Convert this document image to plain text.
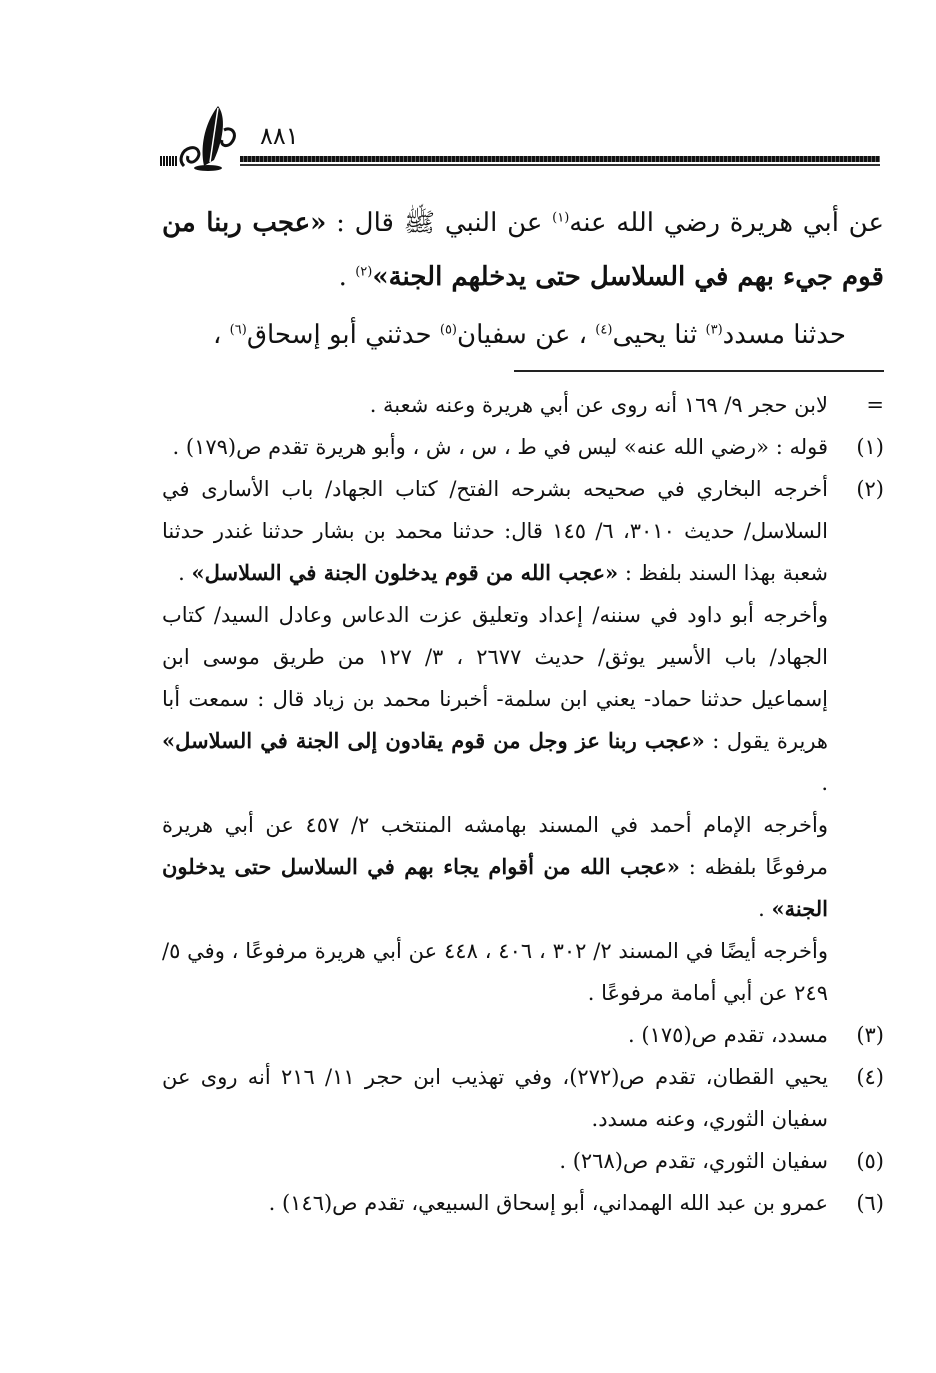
٨٨١

عن أبي هريرة رضي الله عنه$^{(١)}$ عن النبي ﷺ قال : «عجب ربنا من قوم جيء بهم في السلاسل حتى يدخلهم الجنة»$^{(٢)}$ .

حدثنا مسدد$^{(٣)}$ ثنا يحيى$^{(٤)}$ ، عن سفيان$^{(٥)}$ حدثني أبو إسحاق$^{(٦)}$ ،

=
لابن حجر ٩/ ١٦٩ أنه روى عن أبي هريرة وعنه شعبة .
(١)
قوله : «رضي الله عنه» ليس في ط ، س ، ش ، وأبو هريرة تقدم ص(١٧٩) .
(٢)
أخرجه البخاري في صحيحه بشرحه الفتح/ كتاب الجهاد/ باب الأسارى في السلاسل/ حديث ٣٠١٠، ٦/ ١٤٥ قال: حدثنا محمد بن بشار حدثنا غندر حدثنا شعبة بهذا السند بلفظ : «عجب الله من قوم يدخلون الجنة في السلاسل» .
وأخرجه أبو داود في سننه/ إعداد وتعليق عزت الدعاس وعادل السيد/ كتاب الجهاد/ باب الأسير يوثق/ حديث ٢٦٧٧ ، ٣/ ١٢٧ من طريق موسى ابن إسماعيل حدثنا حماد- يعني ابن سلمة- أخبرنا محمد بن زياد قال : سمعت أبا هريرة يقول : «عجب ربنا عز وجل من قوم يقادون إلى الجنة في السلاسل» .
وأخرجه الإمام أحمد في المسند بهامشه المنتخب ٢/ ٤٥٧ عن أبي هريرة مرفوعًا بلفظه : «عجب الله من أقوام يجاء بهم في السلاسل حتى يدخلون الجنة» .
وأخرجه أيضًا في المسند ٢/ ٣٠٢ ، ٤٠٦ ، ٤٤٨ عن أبي هريرة مرفوعًا ، وفي ٥/ ٢٤٩ عن أبي أمامة مرفوعًا .
(٣)
مسدد، تقدم ص(١٧٥) .
(٤)
يحيي القطان، تقدم ص(٢٧٢)، وفي تهذيب ابن حجر ١١/ ٢١٦ أنه روى عن سفيان الثوري، وعنه مسدد.
(٥)
سفيان الثوري، تقدم ص(٢٦٨) .
(٦)
عمرو بن عبد الله الهمداني، أبو إسحاق السبيعي، تقدم ص(١٤٦) .
